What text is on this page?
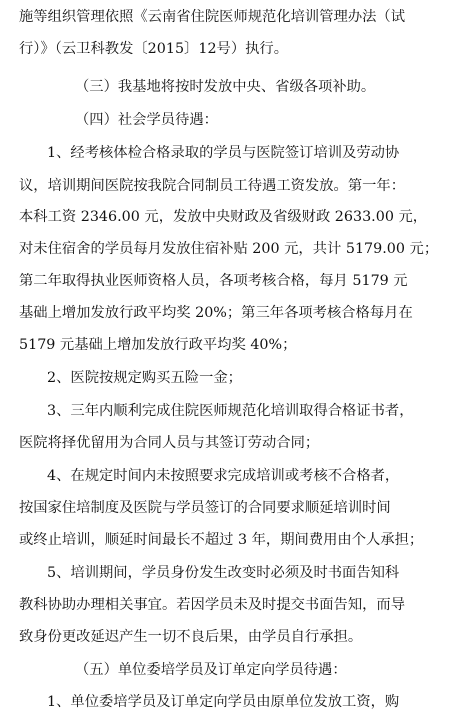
施等组织管理依照《云南省住院医师规范化培训管理办法（试
行）》（云卫科教发〔2015〕12号）执行。
（三）我基地将按时发放中央、省级各项补助。
（四）社会学员待遇：
1、经考核体检合格录取的学员与医院签订培训及劳动协
议，培训期间医院按我院合同制员工待遇工资发放。第一年：
本科工资 2346.00 元，发放中央财政及省级财政 2633.00 元，
对未住宿舍的学员每月发放住宿补贴 200 元，共计 5179.00 元；
第二年取得执业医师资格人员，各项考核合格，每月 5179 元
基础上增加发放行政平均奖 20%；第三年各项考核合格每月在
5179 元基础上增加发放行政平均奖 40%；
2、医院按规定购买五险一金；
3、三年内顺利完成住院医师规范化培训取得合格证书者，
医院将择优留用为合同人员与其签订劳动合同；
4、在规定时间内未按照要求完成培训或考核不合格者，
按国家住培制度及医院与学员签订的合同要求顺延培训时间
或终止培训，顺延时间最长不超过 3 年，期间费用由个人承担；
5、培训期间，学员身份发生改变时必须及时书面告知科
教科协助办理相关事宜。若因学员未及时提交书面告知，而导
致身份更改延迟产生一切不良后果，由学员自行承担。
（五）单位委培学员及订单定向学员待遇：
1、单位委培学员及订单定向学员由原单位发放工资，购
